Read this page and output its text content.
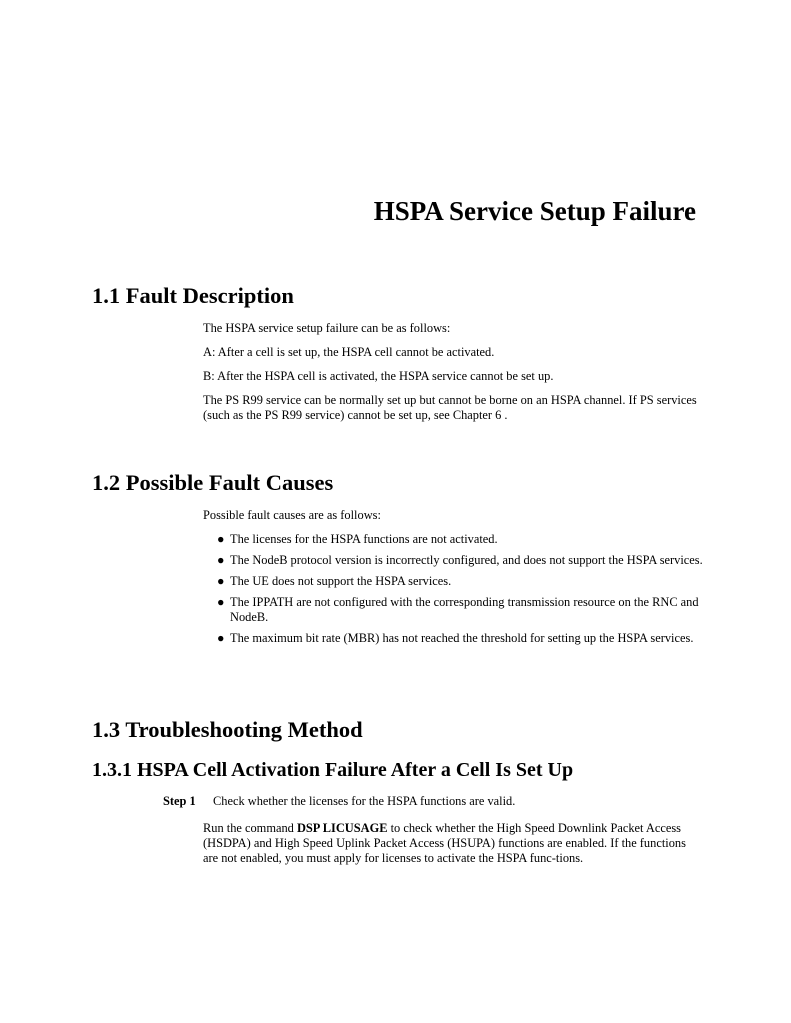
HSPA Service Setup Failure
1.1 Fault Description

The HSPA service setup failure can be as follows:

A: After a cell is set up, the HSPA cell cannot be activated.

B: After the HSPA cell is activated, the HSPA service cannot be set up.

The PS R99 service can be normally set up but cannot be borne on an HSPA channel. If PS services (such as the PS R99 service) cannot be set up, see Chapter 6 .

1.2 Possible Fault Causes

Possible fault causes are as follows:

● The licenses for the HSPA functions are not activated.
● The NodeB protocol version is incorrectly configured, and does not support the HSPA services.
● The UE does not support the HSPA services.
● The IPPATH are not configured with the corresponding transmission resource on the RNC and NodeB.
● The maximum bit rate (MBR) has not reached the threshold for setting up the HSPA services.
1.3 Troubleshooting Method
1.3.1 HSPA Cell Activation Failure After a Cell Is Set Up
Step 1 Check whether the licenses for the HSPA functions are valid.

Run the command DSP LICUSAGE to check whether the High Speed Downlink Packet Access (HSDPA) and High Speed Uplink Packet Access (HSUPA) functions are enabled. If the functions are not enabled, you must apply for licenses to activate the HSPA func-tions.
